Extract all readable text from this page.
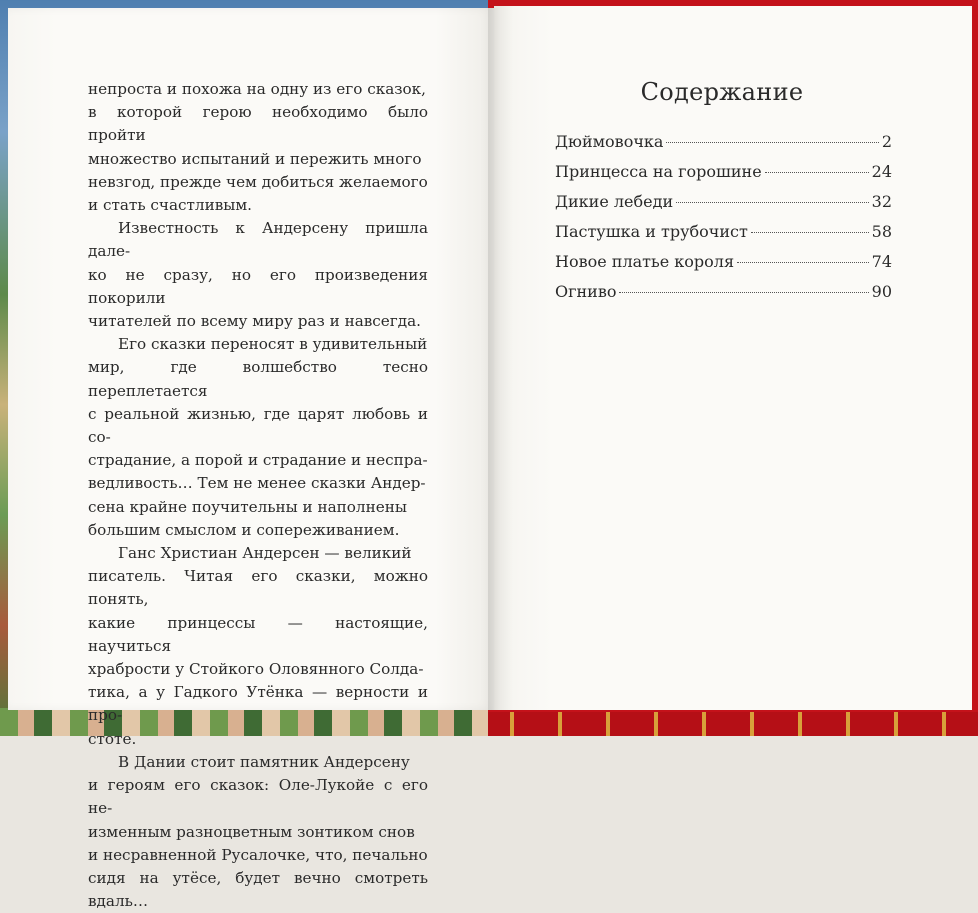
непроста и похожа на одну из его сказок,
в которой герою необходимо было пройти
множество испытаний и пережить много
невзгод, прежде чем добиться желаемого
и стать счастливым.

Известность к Андерсену пришла дале-
ко не сразу, но его произведения покорили
читателей по всему миру раз и навсегда.

Его сказки переносят в удивительный
мир, где волшебство тесно переплетается
с реальной жизнью, где царят любовь и со-
страдание, а порой и страдание и неспра-
ведливость… Тем не менее сказки Андер-
сена крайне поучительны и наполнены
большим смыслом и сопереживанием.

Ганс Христиан Андерсен — великий
писатель. Читая его сказки, можно понять,
какие принцессы — настоящие, научиться
храбрости у Стойкого Оловянного Солда-
тика, а у Гадкого Утёнка — верности и про-
стоте.

В Дании стоит памятник Андерсену
и героям его сказок: Оле-Лукойе с его не-
изменным разноцветным зонтиком снов
и несравненной Русалочке, что, печально
сидя на утёсе, будет вечно смотреть вдаль…

Содержание
Дюймовочка	2
Принцесса на горошине	24
Дикие лебеди	32
Пастушка и трубочист	58
Новое платье короля	74
Огниво	90
